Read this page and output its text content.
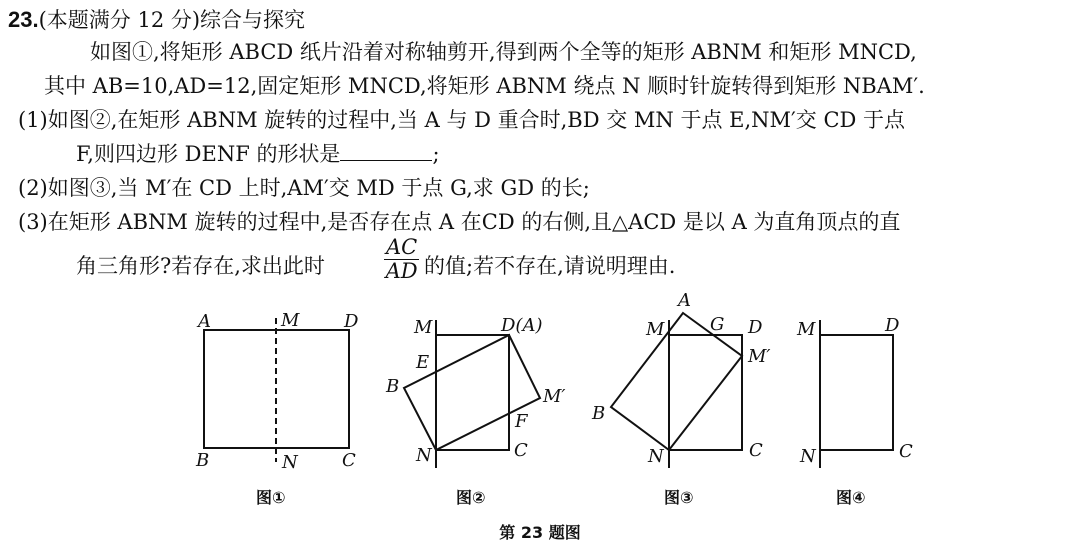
23.(本题满分 12 分)综合与探究
如图①,将矩形 ABCD 纸片沿着对称轴剪开,得到两个全等的矩形 ABNM 和矩形 MNCD,
其中 AB=10,AD=12,固定矩形 MNCD,将矩形 ABNM 绕点 N 顺时针旋转得到矩形 NBAM′.
(1)如图②,在矩形 ABNM 旋转的过程中,当 A 与 D 重合时,BD 交 MN 于点 E,NM′交 CD 于点
F,则四边形 DENF 的形状是	;
(2)如图③,当 M′在 CD 上时,AM′交 MD 于点 G,求 GD 的长;
(3)在矩形 ABNM 旋转的过程中,是否存在点 A 在CD 的右侧,且△ACD 是以 A 为直角顶点的直
角三角形?若存在,求出此时	$\frac{AC}{AD}$ 的值;若不存在,请说明理由.
A	M D
B	N C
图①
M	D(A)
E
B	M′
F
N	C
图②
A
M	G D
M′
B
N	C
图③
M	D
N	C
图④
第 23 题图
